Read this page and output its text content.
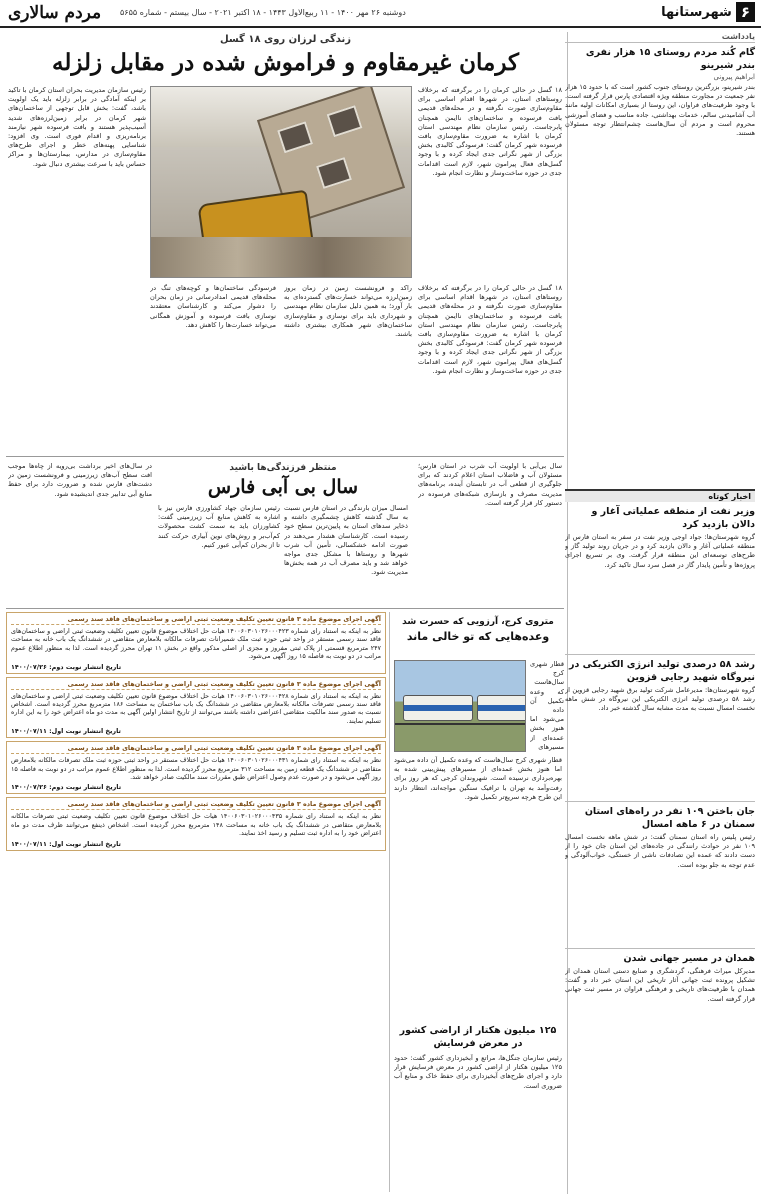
۶
شهرستانها
دوشنبه ۲۶ مهر ۱۴۰۰ - ۱۱ ربیع‌الاول ۱۴۴۳ - ۱۸ اکتبر ۲۰۲۱ - سال بیستم - شماره ۵۶۵۵
مردم سالاری
زندگی لرزان روی ۱۸ گسل
کرمان غیرمقاوم و فراموش شده در مقابل زلزله
۱۸ گسل در حالی کرمان را در برگرفته که برخلاف روستاهای استان، در شهرها اقدام اساسی برای مقاوم‌سازی صورت نگرفته و در محله‌های قدیمی بافت فرسوده و ساختمان‌های ناایمن همچنان پابرجاست. رئیس سازمان نظام مهندسی استان کرمان با اشاره به ضرورت مقاوم‌سازی بافت فرسوده شهر کرمان گفت: فرسودگی کالبدی بخش بزرگی از شهر نگرانی جدی ایجاد کرده و با وجود گسل‌های فعال پیرامون شهر، لازم است اقدامات جدی در حوزه ساخت‌وساز و نظارت انجام شود.
رئیس سازمان مدیریت بحران استان کرمان با تاکید بر اینکه آمادگی در برابر زلزله باید یک اولویت باشد، گفت: بخش قابل توجهی از ساختمان‌های شهر کرمان در برابر زمین‌لرزه‌های شدید آسیب‌پذیر هستند و بافت فرسوده شهر نیازمند برنامه‌ریزی و اقدام فوری است. وی افزود: شناسایی پهنه‌های خطر و اجرای طرح‌های مقاوم‌سازی در مدارس، بیمارستان‌ها و مراکز حساس باید با سرعت بیشتری دنبال شود.
فرسودگی ساختمان‌ها و کوچه‌های تنگ در محله‌های قدیمی امدادرسانی در زمان بحران را دشوار می‌کند و کارشناسان معتقدند نوسازی بافت فرسوده و آموزش همگانی می‌تواند خسارت‌ها را کاهش دهد.
راکد و فرونشست زمین در زمان بروز زمین‌لرزه می‌تواند خسارت‌های گسترده‌ای به بار آورد؛ به همین دلیل سازمان نظام مهندسی و شهرداری باید برای نوسازی و مقاوم‌سازی ساختمان‌های شهر همکاری بیشتری داشته باشند.
۱۸ گسل در حالی کرمان را در برگرفته که برخلاف روستاهای استان، در شهرها اقدام اساسی برای مقاوم‌سازی صورت نگرفته و در محله‌های قدیمی بافت فرسوده و ساختمان‌های ناایمن همچنان پابرجاست. رئیس سازمان نظام مهندسی استان کرمان با اشاره به ضرورت مقاوم‌سازی بافت فرسوده شهر کرمان گفت: فرسودگی کالبدی بخش بزرگی از شهر نگرانی جدی ایجاد کرده و با وجود گسل‌های فعال پیرامون شهر، لازم است اقدامات جدی در حوزه ساخت‌وساز و نظارت انجام شود.
سال بی‌آبی با اولویت آب شرب در استان فارس؛ مسئولان آب و فاضلاب استان اعلام کردند که برای جلوگیری از قطعی آب در تابستان آینده، برنامه‌های مدیریت مصرف و بازسازی شبکه‌های فرسوده در دستور کار قرار گرفته است.
منتظر فرزندگی‌ها باشید
سال بی آبی فارس
امسال میزان بارندگی در استان فارس نسبت به سال گذشته کاهش چشمگیری داشته و ذخایر سدهای استان به پایین‌ترین سطح خود رسیده است. کارشناسان هشدار می‌دهند در صورت ادامه خشکسالی، تأمین آب شرب شهرها و روستاها با مشکل جدی مواجه خواهد شد و باید مصرف آب در همه بخش‌ها مدیریت شود.
رئیس سازمان جهاد کشاورزی فارس نیز با اشاره به کاهش منابع آب زیرزمینی گفت: کشاورزان باید به سمت کشت محصولات کم‌آب‌بر و روش‌های نوین آبیاری حرکت کنند تا از بحران کم‌آبی عبور کنیم.
در سال‌های اخیر برداشت بی‌رویه از چاه‌ها موجب افت سطح آب‌های زیرزمینی و فرونشست زمین در دشت‌های فارس شده و ضرورت دارد برای حفظ منابع آبی تدابیر جدی اندیشیده شود.
متروی کرج، آرزویی که حسرت شد
وعده‌هایی که تو خالی ماند
قطار شهری کرج سال‌هاست که وعده تکمیل آن داده می‌شود اما هنوز بخش عمده‌ای از مسیرهای
قطار شهری کرج سال‌هاست که وعده تکمیل آن داده می‌شود اما هنوز بخش عمده‌ای از مسیرهای پیش‌بینی شده به بهره‌برداری نرسیده است. شهروندان کرجی که هر روز برای رفت‌وآمد به تهران با ترافیک سنگین مواجه‌اند، انتظار دارند این طرح هرچه سریع‌تر تکمیل شود.
۱۲۵ میلیون هکتار از اراضی کشور در معرض فرسایش
رئیس سازمان جنگل‌ها، مراتع و آبخیزداری کشور گفت: حدود ۱۲۵ میلیون هکتار از اراضی کشور در معرض فرسایش قرار دارد و اجرای طرح‌های آبخیزداری برای حفظ خاک و منابع آب ضروری است.
آگهی اجرای موضوع ماده ۳ قانون تعیین تکلیف وضعیت ثبتی اراضی و ساختمان‌های فاقد سند رسمی
نظر به اینکه به استناد رای شماره ۱۴۰۰۶۰۳۰۱۰۲۶۰۰۰۴۲۳ هیات حل اختلاف موضوع قانون تعیین تکلیف وضعیت ثبتی اراضی و ساختمان‌های فاقد سند رسمی مستقر در واحد ثبتی حوزه ثبت ملک شمیرانات تصرفات مالکانه بلامعارض متقاضی در ششدانگ یک باب خانه به مساحت ۲۴۷ مترمربع قسمتی از پلاک ثبتی مفروز و مجزی از اصلی مذکور واقع در بخش ۱۱ تهران محرز گردیده است. لذا به منظور اطلاع عموم مراتب در دو نوبت به فاصله ۱۵ روز آگهی می‌شود.
تاریخ انتشار نوبت دوم: ۱۴۰۰/۰۷/۲۶
آگهی اجرای موضوع ماده ۳ قانون تعیین تکلیف وضعیت ثبتی اراضی و ساختمان‌های فاقد سند رسمی
نظر به اینکه به استناد رای شماره ۱۴۰۰۶۰۳۰۱۰۲۶۰۰۰۴۲۸ هیات حل اختلاف موضوع قانون تعیین تکلیف وضعیت ثبتی اراضی و ساختمان‌های فاقد سند رسمی تصرفات مالکانه بلامعارض متقاضی در ششدانگ یک باب ساختمان به مساحت ۱۸۶ مترمربع محرز گردیده است. اشخاص نسبت به صدور سند مالکیت متقاضی اعتراضی داشته باشند می‌توانند از تاریخ انتشار اولین آگهی به مدت دو ماه اعتراض خود را به این اداره تسلیم نمایند.
تاریخ انتشار نوبت اول: ۱۴۰۰/۰۷/۱۱
آگهی اجرای موضوع ماده ۳ قانون تعیین تکلیف وضعیت ثبتی اراضی و ساختمان‌های فاقد سند رسمی
نظر به اینکه به استناد رای شماره ۱۴۰۰۶۰۳۰۱۰۲۶۰۰۰۴۳۱ هیات حل اختلاف مستقر در واحد ثبتی حوزه ثبت ملک تصرفات مالکانه بلامعارض متقاضی در ششدانگ یک قطعه زمین به مساحت ۳۱۲ مترمربع محرز گردیده است. لذا به منظور اطلاع عموم مراتب در دو نوبت به فاصله ۱۵ روز آگهی می‌شود و در صورت عدم وصول اعتراض طبق مقررات سند مالکیت صادر خواهد شد.
تاریخ انتشار نوبت دوم: ۱۴۰۰/۰۷/۲۶
آگهی اجرای موضوع ماده ۳ قانون تعیین تکلیف وضعیت ثبتی اراضی و ساختمان‌های فاقد سند رسمی
نظر به اینکه به استناد رای شماره ۱۴۰۰۶۰۳۰۱۰۲۶۰۰۰۴۳۵ هیات حل اختلاف موضوع قانون تعیین تکلیف وضعیت ثبتی تصرفات مالکانه بلامعارض متقاضی در ششدانگ یک باب خانه به مساحت ۱۴۸ مترمربع محرز گردیده است. اشخاص ذینفع می‌توانند ظرف مدت دو ماه اعتراض خود را به اداره ثبت تسلیم و رسید اخذ نمایند.
تاریخ انتشار نوبت اول: ۱۴۰۰/۰۷/۱۱
یادداشت
گام کُند مردم روستای ۱۵ هزار نفری بندر شیرینو
ابراهیم پیرونی
بندر شیرینو، بزرگترین روستای جنوب کشور است که با حدود ۱۵ هزار نفر جمعیت در مجاورت منطقه ویژه اقتصادی پارس قرار گرفته است. با وجود ظرفیت‌های فراوان، این روستا از بسیاری امکانات اولیه مانند آب آشامیدنی سالم، خدمات بهداشتی، جاده مناسب و فضای آموزشی محروم است و مردم آن سال‌هاست چشم‌انتظار توجه مسئولان هستند.
اخبار کوتاه
وزیر نفت از منطقه عملیاتی آغار و دالان بازدید کرد
گروه شهرستان‌ها: جواد اوجی وزیر نفت در سفر به استان فارس از منطقه عملیاتی آغار و دالان بازدید کرد و در جریان روند تولید گاز و طرح‌های توسعه‌ای این منطقه قرار گرفت. وی بر تسریع اجرای پروژه‌ها و تأمین پایدار گاز در فصل سرد سال تاکید کرد.
رشد ۵۸ درصدی تولید انرژی الکتریکی در نیروگاه شهید رجایی قزوین
گروه شهرستان‌ها: مدیرعامل شرکت تولید برق شهید رجایی قزوین از رشد ۵۸ درصدی تولید انرژی الکتریکی این نیروگاه در شش ماهه نخست امسال نسبت به مدت مشابه سال گذشته خبر داد.
جان باختن ۱۰۹ نفر در راه‌های استان سمنان در ۶ ماهه امسال
رئیس پلیس راه استان سمنان گفت: در شش ماهه نخست امسال ۱۰۹ نفر در حوادث رانندگی در جاده‌های این استان جان خود را از دست دادند که عمده این تصادفات ناشی از خستگی، خواب‌آلودگی و عدم توجه به جلو بوده است.
همدان در مسیر جهانی شدن
مدیرکل میراث فرهنگی، گردشگری و صنایع دستی استان همدان از تشکیل پرونده ثبت جهانی آثار تاریخی این استان خبر داد و گفت: همدان با ظرفیت‌های تاریخی و فرهنگی فراوان در مسیر ثبت جهانی قرار گرفته است.
